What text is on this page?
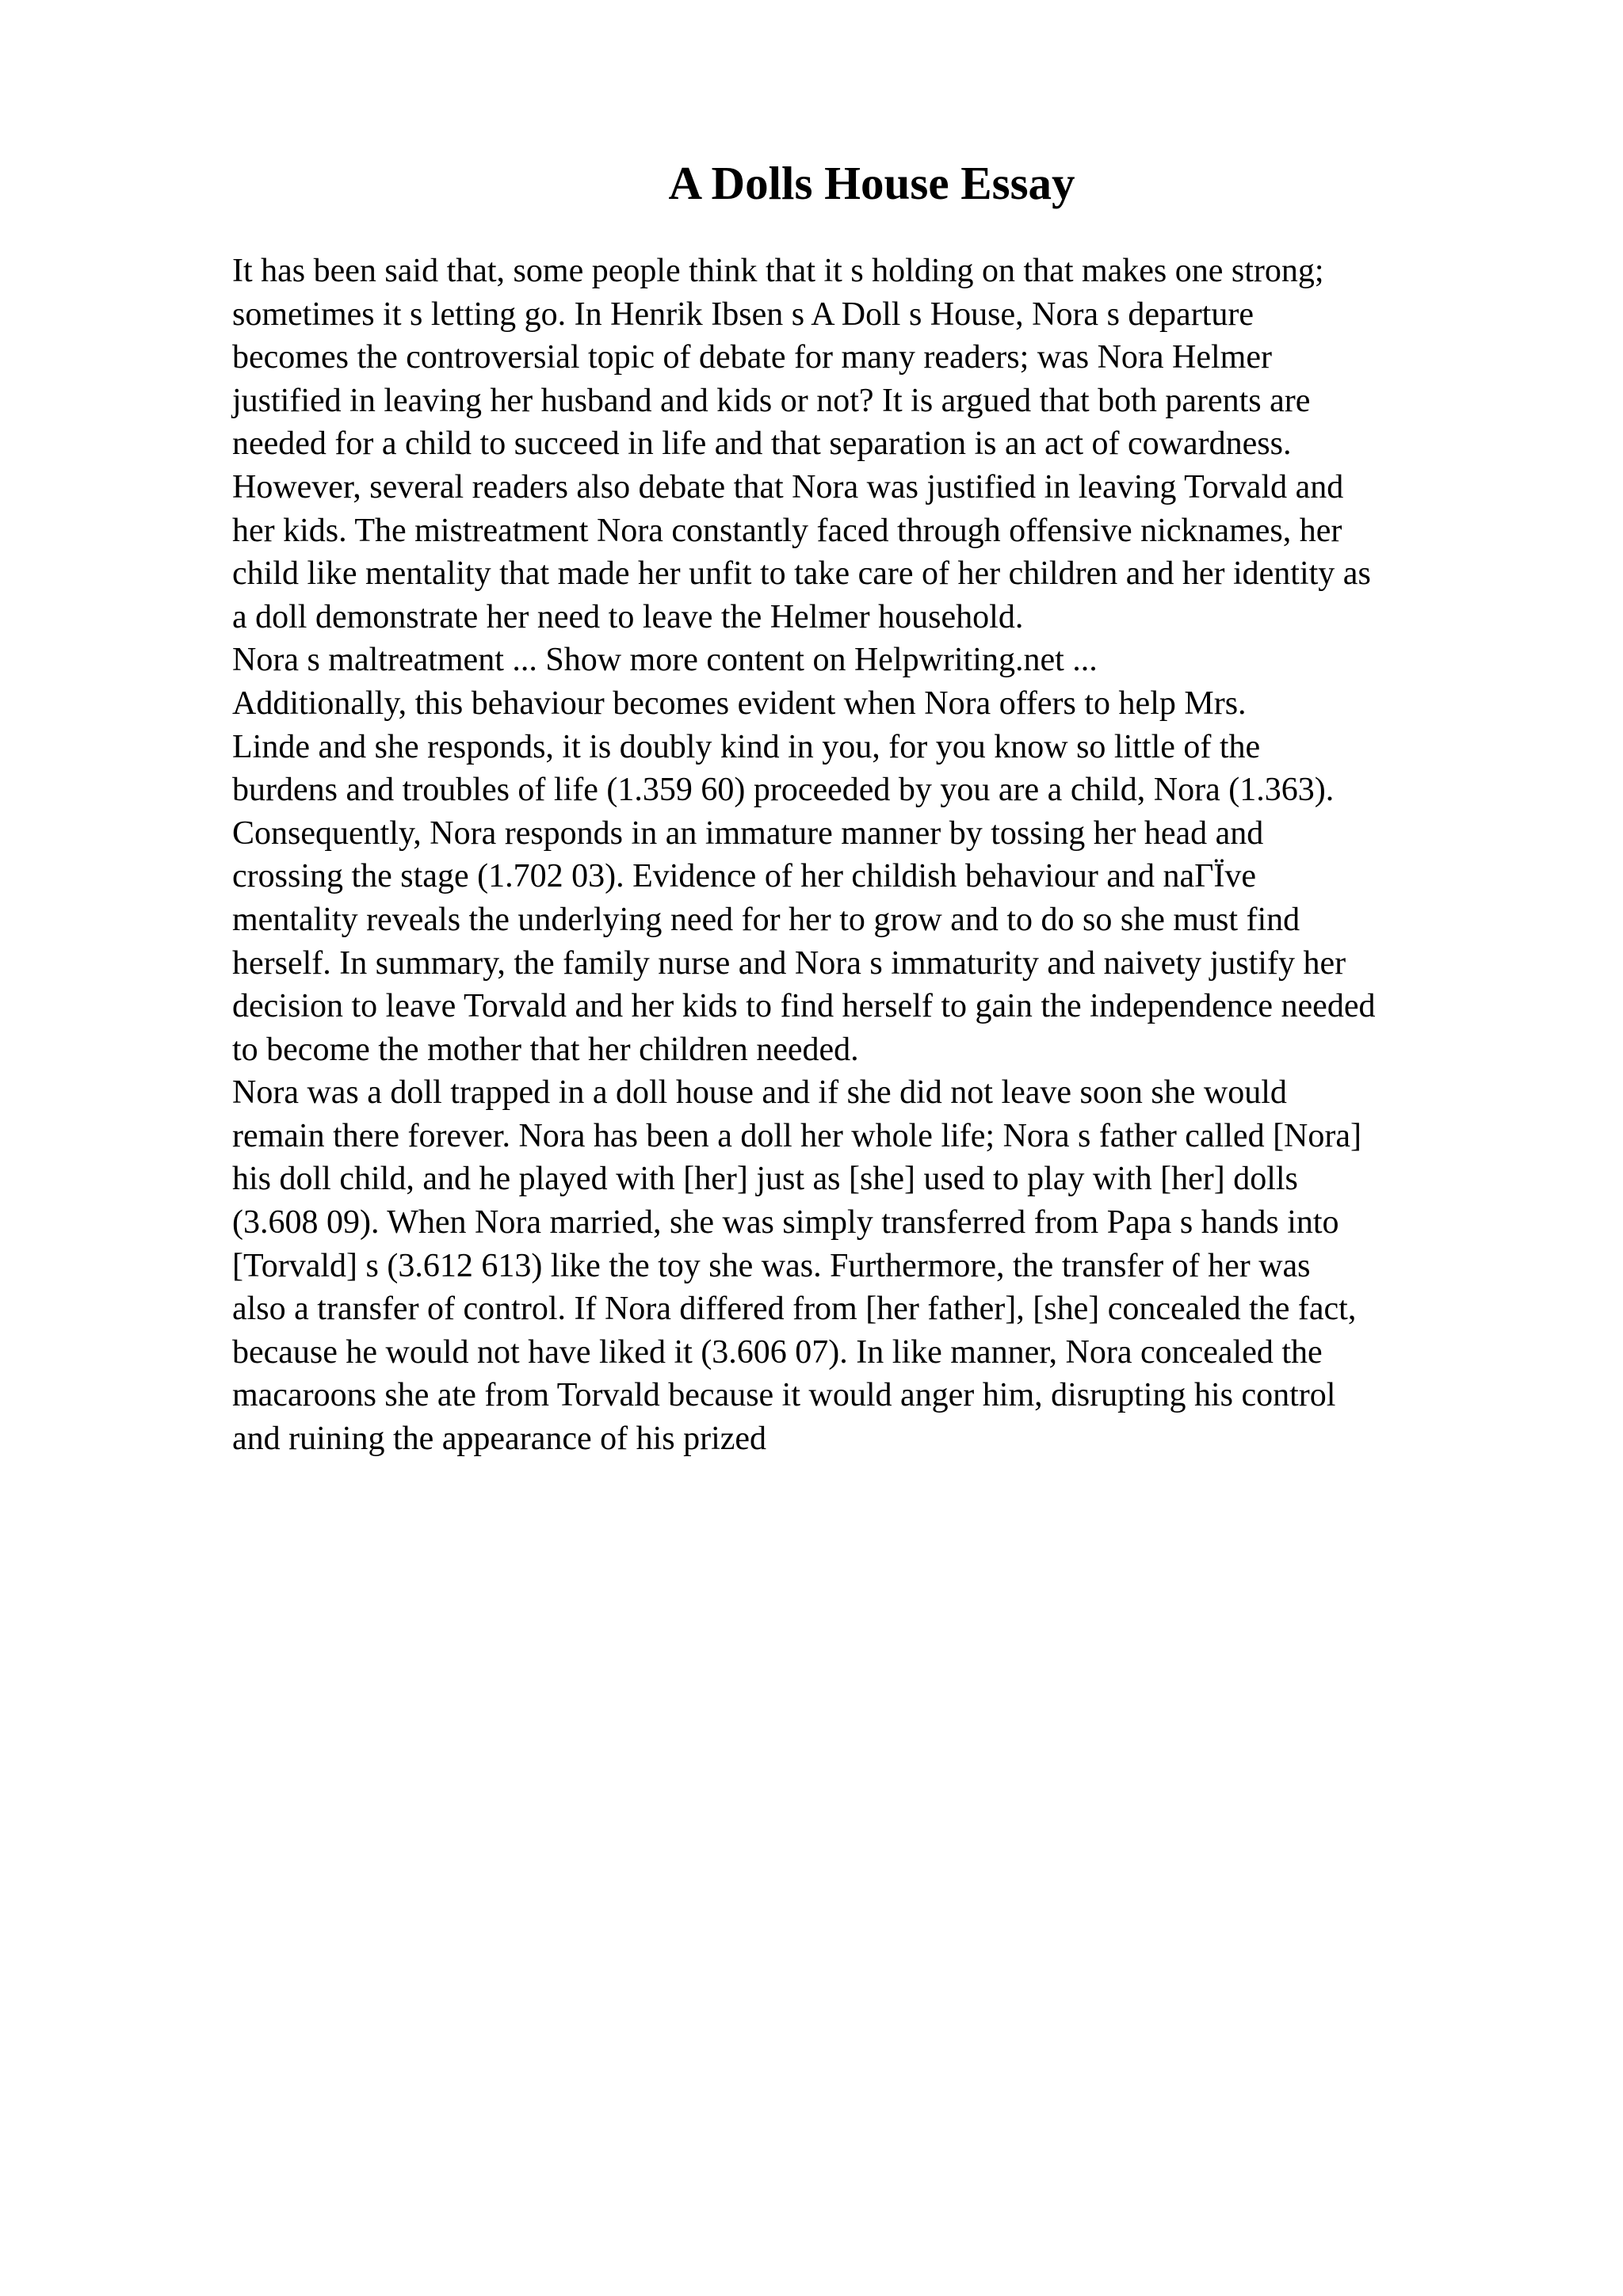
A Dolls House Essay
It has been said that, some people think that it s holding on that makes one strong;
sometimes it s letting go. In Henrik Ibsen s A Doll s House, Nora s departure
becomes the controversial topic of debate for many readers; was Nora Helmer
justified in leaving her husband and kids or not? It is argued that both parents are
needed for a child to succeed in life and that separation is an act of cowardness.
However, several readers also debate that Nora was justified in leaving Torvald and
her kids. The mistreatment Nora constantly faced through offensive nicknames, her
child like mentality that made her unfit to take care of her children and her identity as
a doll demonstrate her need to leave the Helmer household.
Nora s maltreatment ... Show more content on Helpwriting.net ...
Additionally, this behaviour becomes evident when Nora offers to help Mrs.
Linde and she responds, it is doubly kind in you, for you know so little of the
burdens and troubles of life (1.359 60) proceeded by you are a child, Nora (1.363).
Consequently, Nora responds in an immature manner by tossing her head and
crossing the stage (1.702 03). Evidence of her childish behaviour and naΓЇve
mentality reveals the underlying need for her to grow and to do so she must find
herself. In summary, the family nurse and Nora s immaturity and naivety justify her
decision to leave Torvald and her kids to find herself to gain the independence needed
to become the mother that her children needed.
Nora was a doll trapped in a doll house and if she did not leave soon she would
remain there forever. Nora has been a doll her whole life; Nora s father called [Nora]
his doll child, and he played with [her] just as [she] used to play with [her] dolls
(3.608 09). When Nora married, she was simply transferred from Papa s hands into
[Torvald] s (3.612 613) like the toy she was. Furthermore, the transfer of her was
also a transfer of control. If Nora differed from [her father], [she] concealed the fact,
because he would not have liked it (3.606 07). In like manner, Nora concealed the
macaroons she ate from Torvald because it would anger him, disrupting his control
and ruining the appearance of his prized
